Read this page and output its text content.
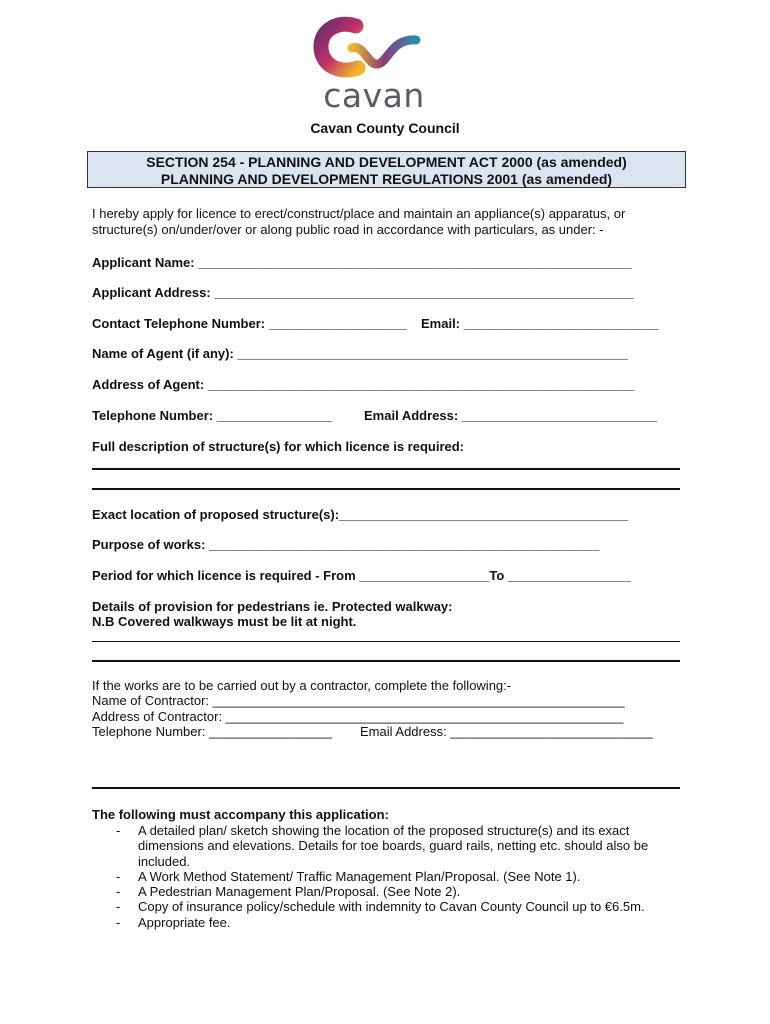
cavan
Cavan County Council
SECTION 254 - PLANNING AND DEVELOPMENT ACT 2000 (as amended)
PLANNING AND DEVELOPMENT REGULATIONS 2001 (as amended)
I hereby apply for licence to erect/construct/place and maintain an appliance(s) apparatus, or structure(s) on/under/over or along public road in accordance with particulars, as under: -
Applicant Name: ____________________________________________________________
Applicant Address: __________________________________________________________
Contact Telephone Number: ___________________ Email: ___________________________
Name of Agent (if any): ______________________________________________________
Address of Agent: ___________________________________________________________
Telephone Number: ________________ Email Address: ___________________________
Full description of structure(s) for which licence is required:
Exact location of proposed structure(s):________________________________________
Purpose of works: ______________________________________________________
Period for which licence is required - From __________________To _________________
Details of provision for pedestrians ie. Protected walkway:
N.B Covered walkways must be lit at night.
If the works are to be carried out by a contractor, complete the following:-
Name of Contractor: _________________________________________________________
Address of Contractor: _______________________________________________________
Telephone Number: _________________ Email Address: ____________________________
The following must accompany this application:
-	A detailed plan/ sketch showing the location of the proposed structure(s) and its exact dimensions and elevations. Details for toe boards, guard rails, netting etc. should also be included.
-	A Work Method Statement/ Traffic Management Plan/Proposal. (See Note 1).
-	A Pedestrian Management Plan/Proposal. (See Note 2).
-	Copy of insurance policy/schedule with indemnity to Cavan County Council up to €6.5m.
-	Appropriate fee.
